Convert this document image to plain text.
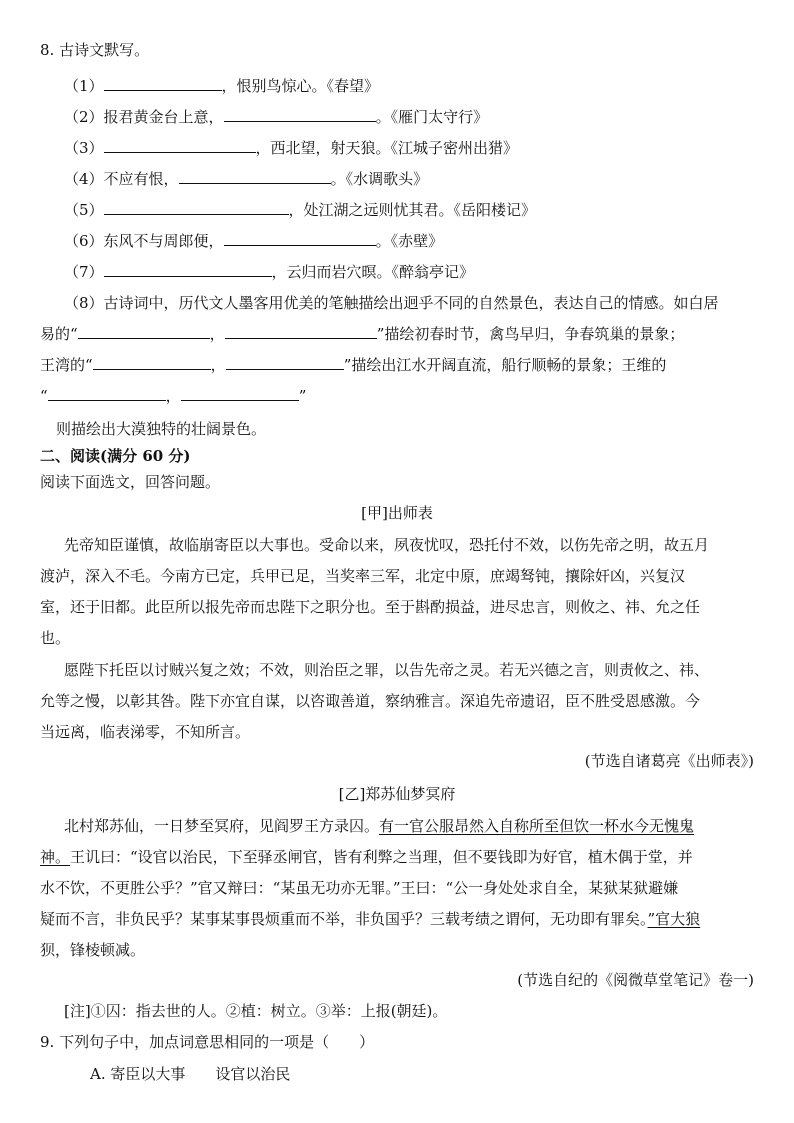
8. 古诗文默写。
（1）	，恨别鸟惊心。《春望》
（2）报君黄金台上意，	。《雁门太守行》
（3）	，西北望，射天狼。《江城子密州出猎》
（4）不应有恨，	。《水调歌头》
（5）	，处江湖之远则忧其君。《岳阳楼记》
（6）东风不与周郎便，	。《赤壁》
（7）	，云归而岩穴暝。《醉翁亭记》
（8）古诗词中，历代文人墨客用优美的笔触描绘出迥乎不同的自然景色，表达自己的情感。如白居
易的“	，	”描绘初春时节，禽鸟早归，争春筑巢的景象；
王湾的“	，	”描绘出江水开阔直流，船行顺畅的景象；王维的
“	，	”
则描绘出大漠独特的壮阔景色。
二、阅读(满分 60 分)
阅读下面选文，回答问题。
[甲]出师表
先帝知臣谨慎，故临崩寄臣以大事也。受命以来，夙夜忧叹，恐托付不效，以伤先帝之明，故五月
渡泸，深入不毛。今南方已定，兵甲已足，当奖率三军，北定中原，庶竭驽钝，攘除奸凶，兴复汉
室，还于旧都。此臣所以报先帝而忠陛下之职分也。至于斟酌损益，进尽忠言，则攸之、祎、允之任
也。
愿陛下托臣以讨贼兴复之效；不效，则治臣之罪，以告先帝之灵。若无兴德之言，则责攸之、祎、
允等之慢，以彰其咎。陛下亦宜自谋，以咨诹善道，察纳雅言。深追先帝遗诏，臣不胜受恩感激。今
当远离，临表涕零，不知所言。
(节选自诸葛亮《出师表》)
[乙]郑苏仙梦冥府
北村郑苏仙，一日梦至冥府，见阎罗王方录囚。有一官公服昂然入自称所至但饮一杯水今无愧鬼
神。王讥曰：“设官以治民，下至驿丞闸官，皆有利弊之当理，但不要钱即为好官，植木偶于堂，并
水不饮，不更胜公乎？”官又辩曰：“某虽无功亦无罪。”王曰：“公一身处处求自全，某狱某狱避嫌
疑而不言，非负民乎？某事某事畏烦重而不举，非负国乎？三载考绩之谓何，无功即有罪矣。”官大狼
狈，锋棱顿减。
(节选自纪的《阅微草堂笔记》卷一)
[注]①囚：指去世的人。②植：树立。③举：上报(朝廷)。
9. 下列句子中，加点词意思相同的一项是（　　）
A. 寄臣以大事　　设官以治民
